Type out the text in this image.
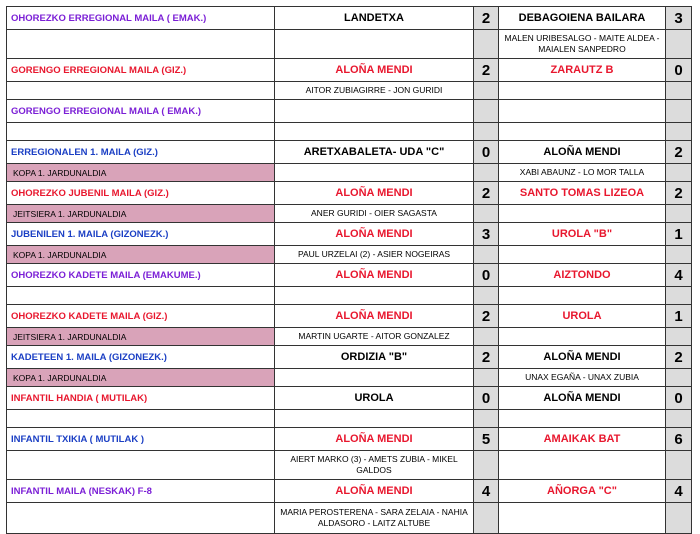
OHOREZKO ERREGIONAL MAILA ( EMAK.)	LANDETXA	2	DEBAGOIENA BAILARA	3
			MALEN URIBESALGO - MAITE ALDEA - MAIALEN SANPEDRO	
GORENGO ERREGIONAL MAILA (GIZ.)	ALOÑA MENDI	2	ZARAUTZ B	0
	AITOR ZUBIAGIRRE - JON GURIDI			
GORENGO ERREGIONAL MAILA ( EMAK.)				

ERREGIONALEN 1. MAILA (GIZ.)	ARETXABALETA- UDA "C"	0	ALOÑA MENDI	2
KOPA 1. JARDUNALDIA			XABI ABAUNZ - LO MOR TALLA	
OHOREZKO JUBENIL MAILA (GIZ.)	ALOÑA MENDI	2	SANTO TOMAS LIZEOA	2
JEITSIERA 1. JARDUNALDIA	ANER GURIDI - OIER SAGASTA			
JUBENILEN 1. MAILA (GIZONEZK.)	ALOÑA MENDI	3	UROLA "B"	1
KOPA 1. JARDUNALDIA	PAUL URZELAI (2) - ASIER NOGEIRAS			
OHOREZKO KADETE MAILA (EMAKUME.)	ALOÑA MENDI	0	AIZTONDO	4

OHOREZKO KADETE MAILA (GIZ.)	ALOÑA MENDI	2	UROLA	1
JEITSIERA 1. JARDUNALDIA	MARTIN UGARTE - AITOR GONZALEZ			
KADETEEN 1. MAILA (GIZONEZK.)	ORDIZIA "B"	2	ALOÑA MENDI	2
KOPA 1. JARDUNALDIA			UNAX EGAÑA - UNAX ZUBIA	
INFANTIL HANDIA ( MUTILAK)	UROLA	0	ALOÑA MENDI	0

INFANTIL TXIKIA ( MUTILAK )	ALOÑA MENDI	5	AMAIKAK BAT	6
	AIERT MARKO (3) - AMETS ZUBIA - MIKEL GALDOS			
INFANTIL MAILA (NESKAK) F-8	ALOÑA MENDI	4	AÑORGA "C"	4
	MARIA PEROSTERENA - SARA ZELAIA - NAHIA ALDASORO - LAITZ ALTUBE			
